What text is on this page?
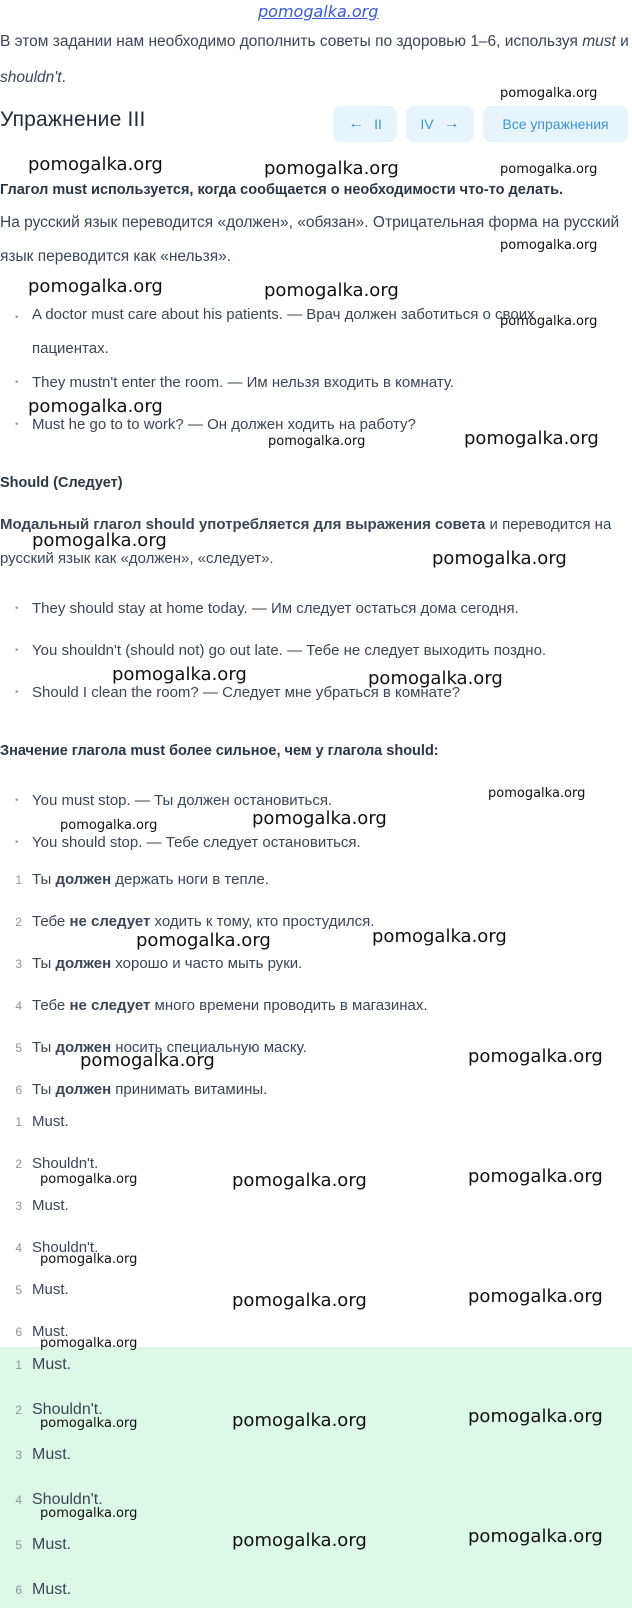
pomogalka.org
В этом задании нам необходимо дополнить советы по здоровью 1–6, используя must и shouldn't.
Упражнение III	← II	IV →	Все упражнения
Глагол must используется, когда сообщается о необходимости что-то делать.
На русский язык переводится «должен», «обязан». Отрицательная форма на русский язык переводится как «нельзя».
• A doctor must care about his patients. — Врач должен заботиться о своих пациентах.
• They mustn't enter the room. — Им нельзя входить в комнату.
• Must he go to to work? — Он должен ходить на работу?
Should (Следует)
Модальный глагол should употребляется для выражения совета и переводится на русский язык как «должен», «следует».
• They should stay at home today. — Им следует остаться дома сегодня.
• You shouldn't (should not) go out late. — Тебе не следует выходить поздно.
• Should I clean the room? — Следует мне убраться в комнате?
Значение глагола must более сильное, чем у глагола should:
• You must stop. — Ты должен остановиться.
• You should stop. — Тебе следует остановиться.
1 Ты должен держать ноги в тепле.
2 Тебе не следует ходить к тому, кто простудился.
3 Ты должен хорошо и часто мыть руки.
4 Тебе не следует много времени проводить в магазинах.
5 Ты должен носить специальную маску.
6 Ты должен принимать витамины.
1 Must.
2 Shouldn't.
3 Must.
4 Shouldn't.
5 Must.
6 Must.
1 Must.
2 Shouldn't.
3 Must.
4 Shouldn't.
5 Must.
6 Must.
pomogalka.org
pomogalka.org	pomogalka.org	pomogalka.org
pomogalka.org
pomogalka.org	pomogalka.org
pomogalka.org
pomogalka.org
pomogalka.org	pomogalka.org
pomogalka.org
pomogalka.org
pomogalka.org	pomogalka.org
pomogalka.org
pomogalka.org
pomogalka.org
pomogalka.org	pomogalka.org
pomogalka.org
pomogalka.org
pomogalka.org	pomogalka.org	pomogalka.org
pomogalka.org
pomogalka.org	pomogalka.org
pomogalka.org
pomogalka.org	pomogalka.org	pomogalka.org
pomogalka.org
pomogalka.org	pomogalka.org
